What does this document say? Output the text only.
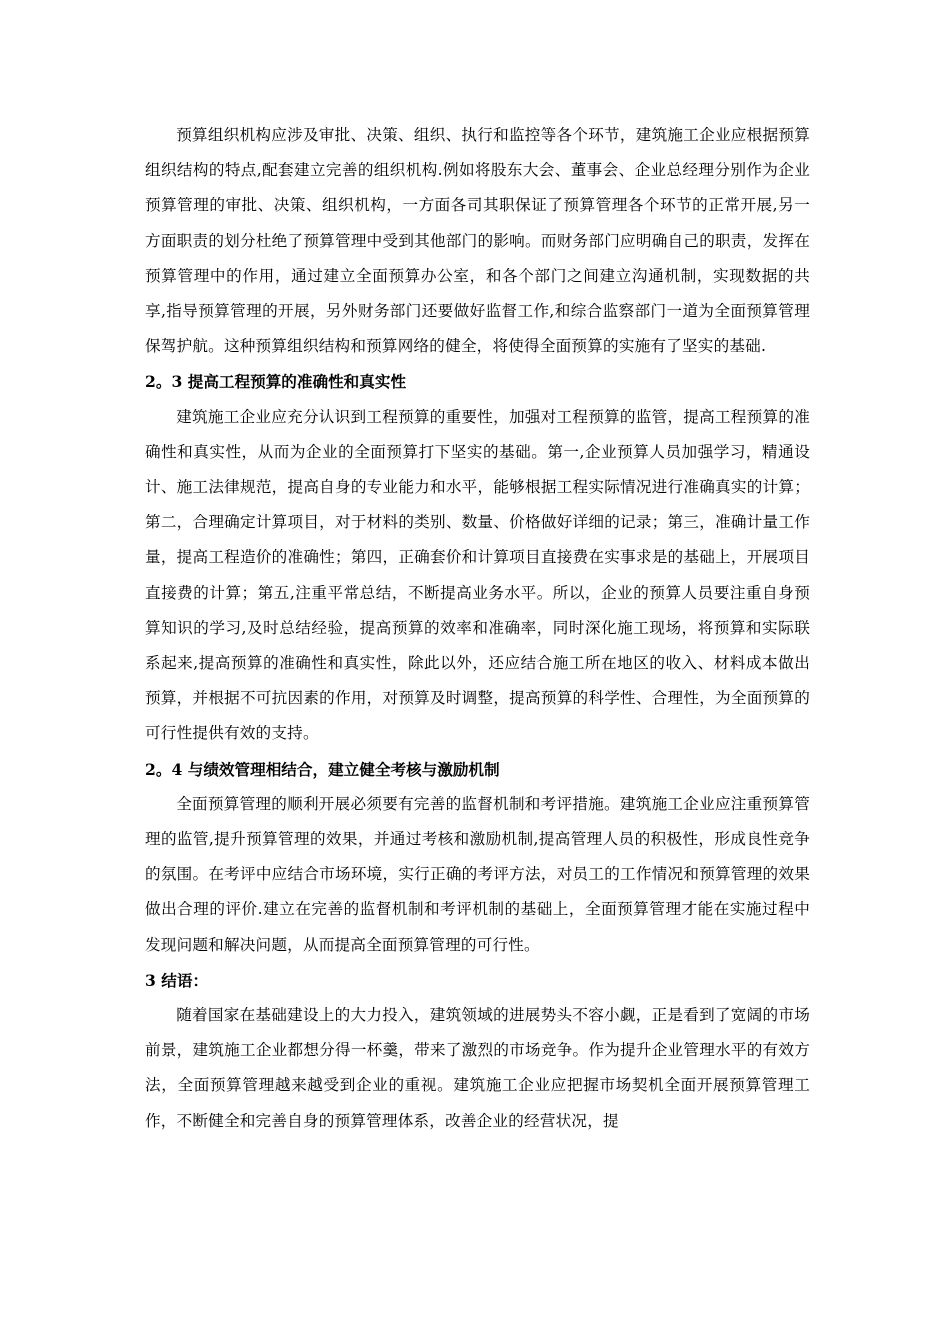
预算组织机构应涉及审批、决策、组织、执行和监控等各个环节，建筑施工企业应根据预算组织结构的特点,配套建立完善的组织机构.例如将股东大会、董事会、企业总经理分别作为企业预算管理的审批、决策、组织机构，一方面各司其职保证了预算管理各个环节的正常开展,另一方面职责的划分杜绝了预算管理中受到其他部门的影响。而财务部门应明确自己的职责，发挥在预算管理中的作用，通过建立全面预算办公室，和各个部门之间建立沟通机制，实现数据的共享,指导预算管理的开展，另外财务部门还要做好监督工作,和综合监察部门一道为全面预算管理保驾护航。这种预算组织结构和预算网络的健全，将使得全面预算的实施有了坚实的基础.

2。3 提高工程预算的准确性和真实性

建筑施工企业应充分认识到工程预算的重要性，加强对工程预算的监管，提高工程预算的准确性和真实性，从而为企业的全面预算打下坚实的基础。第一,企业预算人员加强学习，精通设计、施工法律规范，提高自身的专业能力和水平，能够根据工程实际情况进行准确真实的计算；第二，合理确定计算项目，对于材料的类别、数量、价格做好详细的记录；第三，准确计量工作量，提高工程造价的准确性；第四，正确套价和计算项目直接费在实事求是的基础上，开展项目直接费的计算；第五,注重平常总结，不断提高业务水平。所以，企业的预算人员要注重自身预算知识的学习,及时总结经验，提高预算的效率和准确率，同时深化施工现场，将预算和实际联系起来,提高预算的准确性和真实性，除此以外，还应结合施工所在地区的收入、材料成本做出预算，并根据不可抗因素的作用，对预算及时调整，提高预算的科学性、合理性，为全面预算的可行性提供有效的支持。

2。4 与绩效管理相结合，建立健全考核与激励机制

全面预算管理的顺利开展必须要有完善的监督机制和考评措施。建筑施工企业应注重预算管理的监管,提升预算管理的效果，并通过考核和激励机制,提高管理人员的积极性，形成良性竞争的氛围。在考评中应结合市场环境，实行正确的考评方法，对员工的工作情况和预算管理的效果做出合理的评价.建立在完善的监督机制和考评机制的基础上，全面预算管理才能在实施过程中发现问题和解决问题，从而提高全面预算管理的可行性。

3 结语：

随着国家在基础建设上的大力投入，建筑领域的进展势头不容小觑，正是看到了宽阔的市场前景，建筑施工企业都想分得一杯羹，带来了激烈的市场竞争。作为提升企业管理水平的有效方法，全面预算管理越来越受到企业的重视。建筑施工企业应把握市场契机全面开展预算管理工作，不断健全和完善自身的预算管理体系，改善企业的经营状况，提
